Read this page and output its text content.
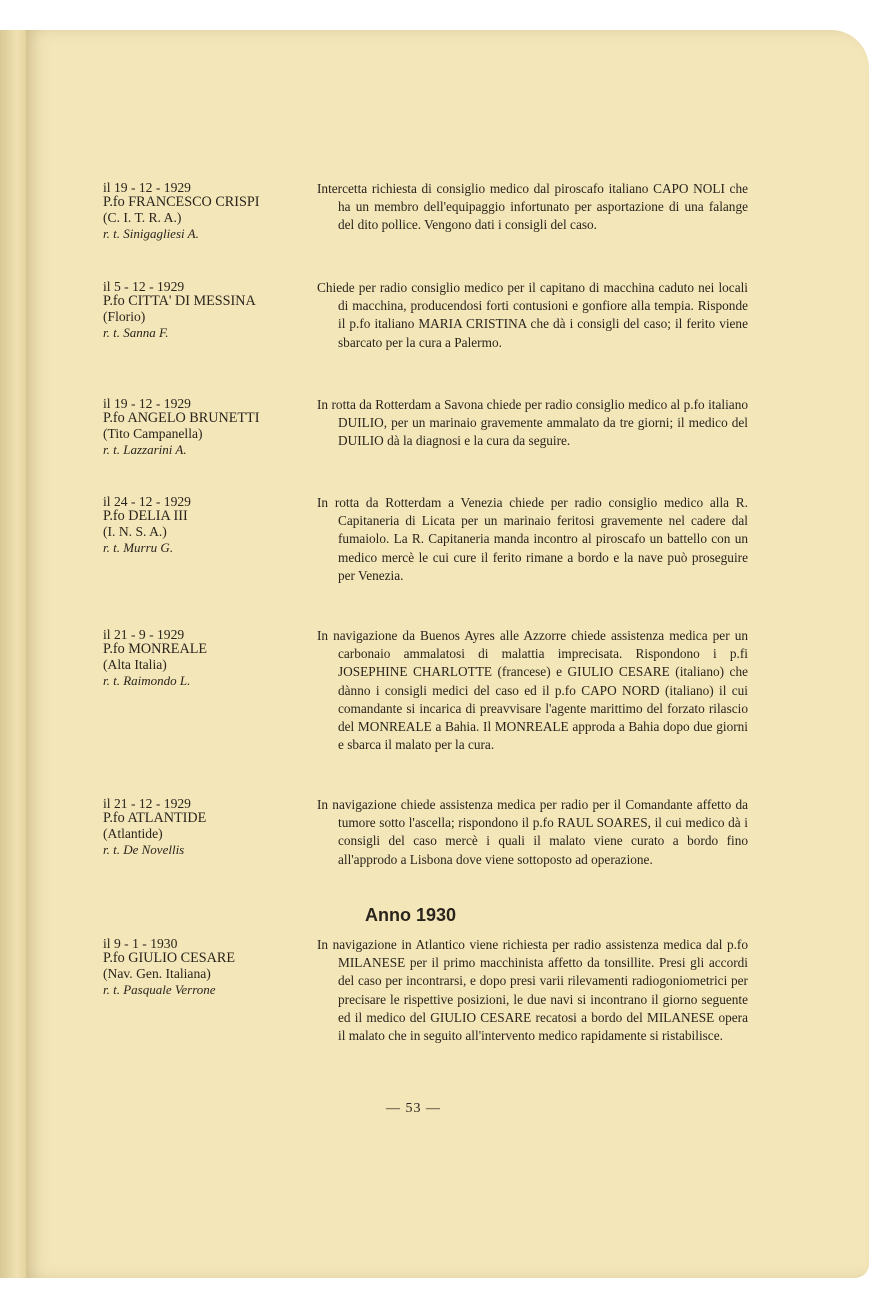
il 19 - 12 - 1929
P.fo FRANCESCO CRISPI
(C. I. T. R. A.)
r. t. Sinigagliesi A.
Intercetta richiesta di consiglio medico dal piroscafo italiano CAPO NOLI che ha un membro dell'equipaggio infortunato per asportazione di una falange del dito pollice. Vengono dati i consigli del caso.
il 5 - 12 - 1929
P.fo CITTA' DI MESSINA
(Florio)
r. t. Sanna F.
Chiede per radio consiglio medico per il capitano di macchina caduto nei locali di macchina, producendosi forti contusioni e gonfiore alla tempia. Risponde il p.fo italiano MARIA CRISTINA che dà i consigli del caso; il ferito viene sbarcato per la cura a Palermo.
il 19 - 12 - 1929
P.fo ANGELO BRUNETTI
(Tito Campanella)
r. t. Lazzarini A.
In rotta da Rotterdam a Savona chiede per radio consiglio medico al p.fo italiano DUILIO, per un marinaio gravemente ammalato da tre giorni; il medico del DUILIO dà la diagnosi e la cura da seguire.
il 24 - 12 - 1929
P.fo DELIA III
(I. N. S. A.)
r. t. Murru G.
In rotta da Rotterdam a Venezia chiede per radio consiglio medico alla R. Capitaneria di Licata per un marinaio feritosi gravemente nel cadere dal fumaiolo. La R. Capitaneria manda incontro al piroscafo un battello con un medico mercè le cui cure il ferito rimane a bordo e la nave può proseguire per Venezia.
il 21 - 9 - 1929
P.fo MONREALE
(Alta Italia)
r. t. Raimondo L.
In navigazione da Buenos Ayres alle Azzorre chiede assistenza medica per un carbonaio ammalatosi di malattia imprecisata. Rispondono i p.fi JOSEPHINE CHARLOTTE (francese) e GIULIO CESARE (italiano) che dànno i consigli medici del caso ed il p.fo CAPO NORD (italiano) il cui comandante si incarica di preavvisare l'agente marittimo del forzato rilascio del MONREALE a Bahia. Il MONREALE approda a Bahia dopo due giorni e sbarca il malato per la cura.
il 21 - 12 - 1929
P.fo ATLANTIDE
(Atlantide)
r. t. De Novellis
In navigazione chiede assistenza medica per radio per il Comandante affetto da tumore sotto l'ascella; rispondono il p.fo RAUL SOARES, il cui medico dà i consigli del caso mercè i quali il malato viene curato a bordo fino all'approdo a Lisbona dove viene sottoposto ad operazione.
Anno 1930
il 9 - 1 - 1930
P.fo GIULIO CESARE
(Nav. Gen. Italiana)
r. t. Pasquale Verrone
In navigazione in Atlantico viene richiesta per radio assistenza medica dal p.fo MILANESE per il primo macchinista affetto da tonsillite. Presi gli accordi del caso per incontrarsi, e dopo presi varii rilevamenti radiogoniometrici per precisare le rispettive posizioni, le due navi si incontrano il giorno seguente ed il medico del GIULIO CESARE recatosi a bordo del MILANESE opera il malato che in seguito all'intervento medico rapidamente si ristabilisce.
— 53 —
